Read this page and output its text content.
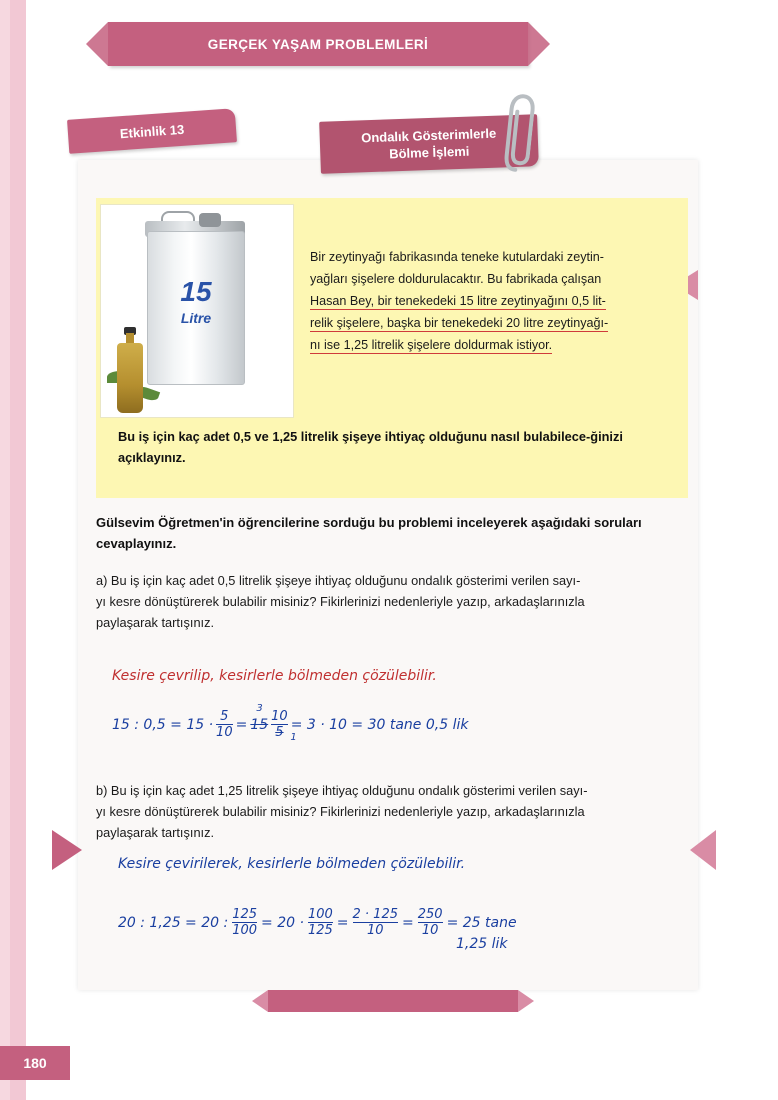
GERÇEK YAŞAM PROBLEMLERİ
Etkinlik 13	Ondalık Gösterimlerle
Bölme İşlemi
15
Litre
Bir zeytinyağı fabrikasında teneke kutulardaki zeytin-
yağları şişelere doldurulacaktır. Bu fabrikada çalışan
Hasan Bey, bir tenekedeki 15 litre zeytinyağını 0,5 lit-
relik şişelere, başka bir tenekedeki 20 litre zeytinyağı-
nı ise 1,25 litrelik şişelere doldurmak istiyor.
Bu iş için kaç adet 0,5 ve 1,25 litrelik şişeye ihtiyaç olduğunu nasıl bulabilece-ğinizi açıklayınız.
Gülsevim Öğretmen'in öğrencilerine sorduğu bu problemi inceleyerek aşağıdaki soruları cevaplayınız.
a) Bu iş için kaç adet 0,5 litrelik şişeye ihtiyaç olduğunu ondalık gösterimi verilen sayı-
yı kesre dönüştürerek bulabilir misiniz? Fikirlerinizi nedenleriyle yazıp, arkadaşlarınızla
paylaşarak tartışınız.
Kesire çevrilip, kesirlerle bölmeden çözülebilir.
15 : $0,5 = 15 \cdot \frac{5}{10}$ =
3
15
10
5 1
= 3 · 10 = 30 tane 0,5 lik
b) Bu iş için kaç adet 1,25 litrelik şişeye ihtiyaç olduğunu ondalık gösterimi verilen sayı-
yı kesre dönüştürerek bulabilir misiniz? Fikirlerinizi nedenleriyle yazıp, arkadaşlarınızla
paylaşarak tartışınız.
Kesire çevirilerek, kesirlerle bölmeden çözülebilir.
20 : 1,25 = 20 : $\frac{125}{100} = 20 \cdot \frac{100}{125} = \frac{2 \cdot 125}{10} = \frac{250}{10} = 25$ tane
1,25 lik
180
